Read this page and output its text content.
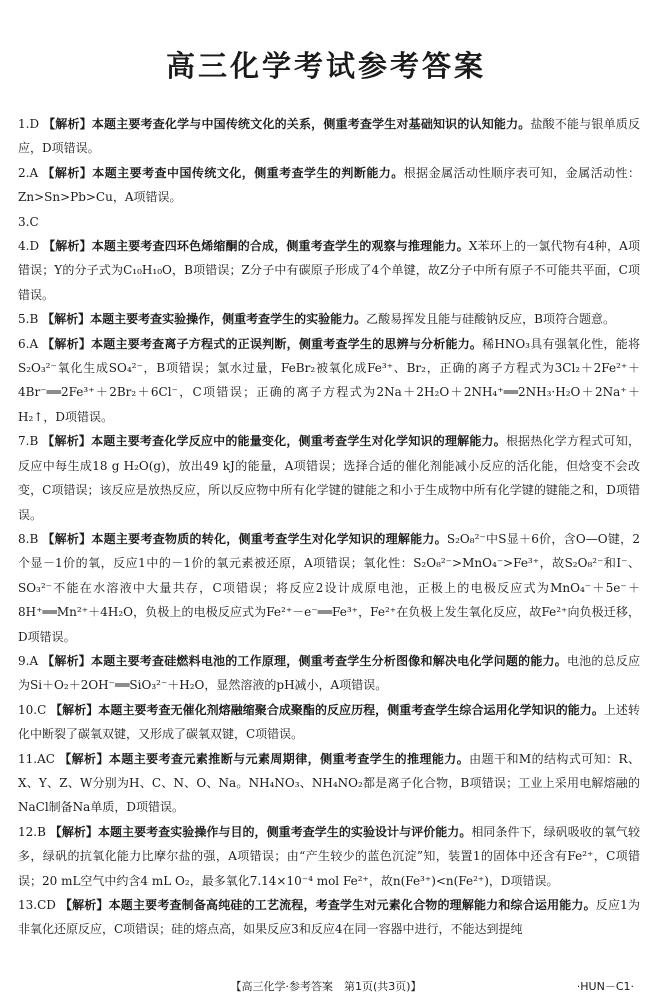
高三化学考试参考答案
1.D 【解析】本题主要考查化学与中国传统文化的关系，侧重考查学生对基础知识的认知能力。盐酸不能与银单质反应，D项错误。
2.A 【解析】本题主要考查中国传统文化，侧重考查学生的判断能力。根据金属活动性顺序表可知，金属活动性：Zn>Sn>Pb>Cu，A项错误。
3.C
4.D 【解析】本题主要考查四环色烯缩酮的合成，侧重考查学生的观察与推理能力。X苯环上的一氯代物有4种，A项错误；Y的分子式为C₁₀H₁₀O，B项错误；Z分子中有碳原子形成了4个单键，故Z分子中所有原子不可能共平面，C项错误。
5.B 【解析】本题主要考查实验操作，侧重考查学生的实验能力。乙酸易挥发且能与硅酸钠反应，B项符合题意。
6.A 【解析】本题主要考查离子方程式的正误判断，侧重考查学生的思辨与分析能力。稀HNO₃具有强氧化性，能将S₂O₃²⁻氧化生成SO₄²⁻，B项错误；氯水过量，FeBr₂被氧化成Fe³⁺、Br₂，正确的离子方程式为3Cl₂＋2Fe²⁺＋4Br⁻══2Fe³⁺＋2Br₂＋6Cl⁻，C项错误；正确的离子方程式为2Na＋2H₂O＋2NH₄⁺══2NH₃·H₂O＋2Na⁺＋H₂↑，D项错误。
7.B 【解析】本题主要考查化学反应中的能量变化，侧重考查学生对化学知识的理解能力。根据热化学方程式可知，反应中每生成18 g H₂O(g)，放出49 kJ的能量，A项错误；选择合适的催化剂能减小反应的活化能，但焓变不会改变，C项错误；该反应是放热反应，所以反应物中所有化学键的键能之和小于生成物中所有化学键的键能之和，D项错误。
8.B 【解析】本题主要考查物质的转化，侧重考查学生对化学知识的理解能力。S₂O₈²⁻中S显＋6价，含O—O键，2个显－1价的氧，反应1中的－1价的氧元素被还原，A项错误；氧化性：S₂O₈²⁻>MnO₄⁻>Fe³⁺，故S₂O₈²⁻和I⁻、SO₃²⁻不能在水溶液中大量共存，C项错误；将反应2设计成原电池，正极上的电极反应式为MnO₄⁻＋5e⁻＋8H⁺══Mn²⁺＋4H₂O，负极上的电极反应式为Fe²⁺－e⁻══Fe³⁺，Fe²⁺在负极上发生氧化反应，故Fe²⁺向负极迁移，D项错误。
9.A 【解析】本题主要考查硅燃料电池的工作原理，侧重考查学生分析图像和解决电化学问题的能力。电池的总反应为Si＋O₂＋2OH⁻══SiO₃²⁻＋H₂O，显然溶液的pH减小，A项错误。
10.C 【解析】本题主要考查无催化剂熔融缩聚合成聚酯的反应历程，侧重考查学生综合运用化学知识的能力。上述转化中断裂了碳氧双键，又形成了碳氧双键，C项错误。
11.AC 【解析】本题主要考查元素推断与元素周期律，侧重考查学生的推理能力。由题干和M的结构式可知：R、X、Y、Z、W分别为H、C、N、O、Na。NH₄NO₃、NH₄NO₂都是离子化合物，B项错误；工业上采用电解熔融的NaCl制备Na单质，D项错误。
12.B 【解析】本题主要考查实验操作与目的，侧重考查学生的实验设计与评价能力。相同条件下，绿矾吸收的氧气较多，绿矾的抗氧化能力比摩尔盐的强，A项错误；由“产生较少的蓝色沉淀”知，装置1的固体中还含有Fe²⁺，C项错误；20 mL空气中约含4 mL O₂，最多氧化7.14×10⁻⁴ mol Fe²⁺，故n(Fe³⁺)<n(Fe²⁺)，D项错误。
13.CD 【解析】本题主要考查制备高纯硅的工艺流程，考查学生对元素化合物的理解能力和综合运用能力。反应1为非氧化还原反应，C项错误；硅的熔点高，如果反应3和反应4在同一容器中进行，不能达到提纯
【高三化学·参考答案　第1页(共3页)】	·HUN－C1·
